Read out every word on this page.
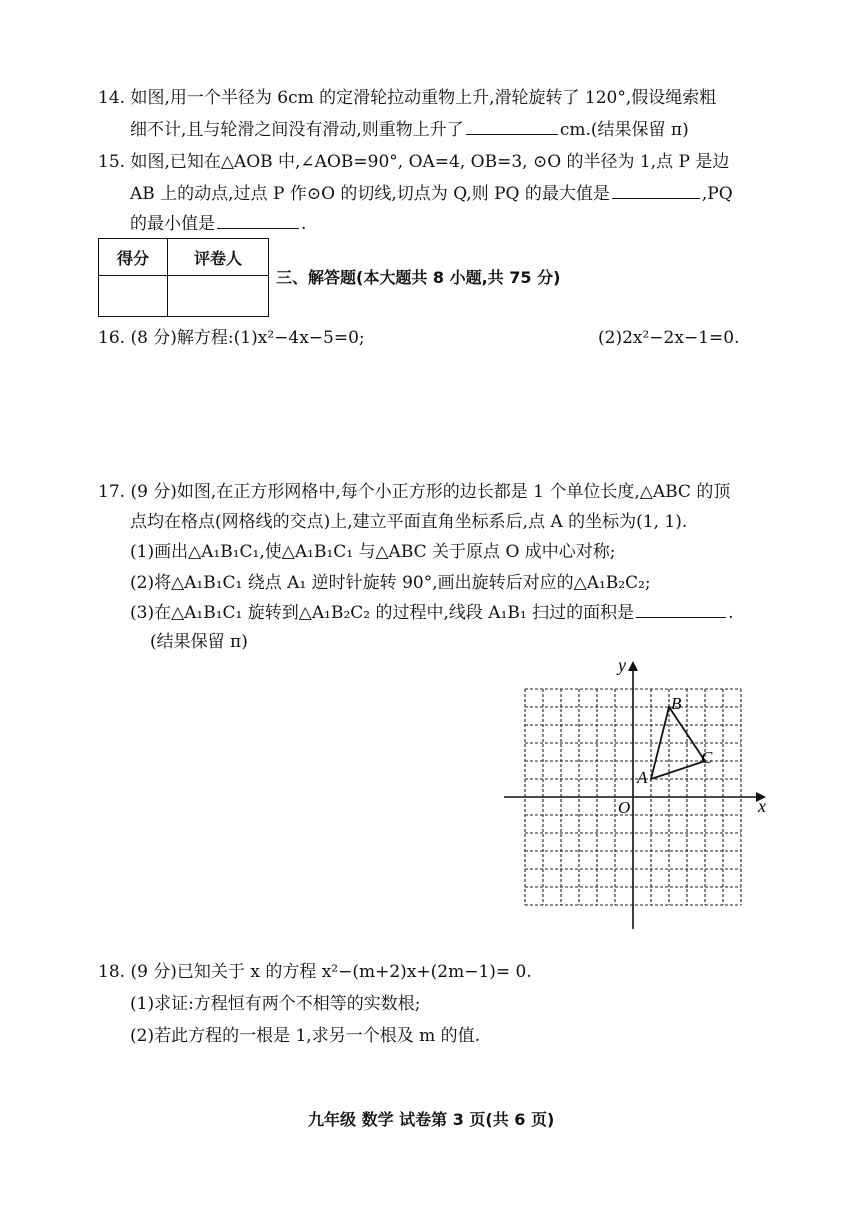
14. 如图,用一个半径为 6cm 的定滑轮拉动重物上升,滑轮旋转了 120°,假设绳索粗
细不计,且与轮滑之间没有滑动,则重物上升了	cm.(结果保留 π)
15. 如图,已知在△AOB 中,∠AOB=90°, OA=4, OB=3, ⊙O 的半径为 1,点 P 是边
AB 上的动点,过点 P 作⊙O 的切线,切点为 Q,则 PQ 的最大值是	,PQ
的最小值是	.
得分	评卷人

三、解答题(本大题共 8 小题,共 75 分)
16. (8 分)解方程:(1)x²−4x−5=0;	(2)2x²−2x−1=0.
17. (9 分)如图,在正方形网格中,每个小正方形的边长都是 1 个单位长度,△ABC 的顶
点均在格点(网格线的交点)上,建立平面直角坐标系后,点 A 的坐标为(1, 1).
(1)画出△A₁B₁C₁,使△A₁B₁C₁ 与△ABC 关于原点 O 成中心对称;
(2)将△A₁B₁C₁ 绕点 A₁ 逆时针旋转 90°,画出旋转后对应的△A₁B₂C₂;
(3)在△A₁B₁C₁ 旋转到△A₁B₂C₂ 的过程中,线段 A₁B₁ 扫过的面积是	.
(结果保留 π)
y
x
O
A
B
C
18. (9 分)已知关于 x 的方程 x²−(m+2)x+(2m−1)= 0.
(1)求证:方程恒有两个不相等的实数根;
(2)若此方程的一根是 1,求另一个根及 m 的值.
九年级 数学 试卷第 3 页(共 6 页)
